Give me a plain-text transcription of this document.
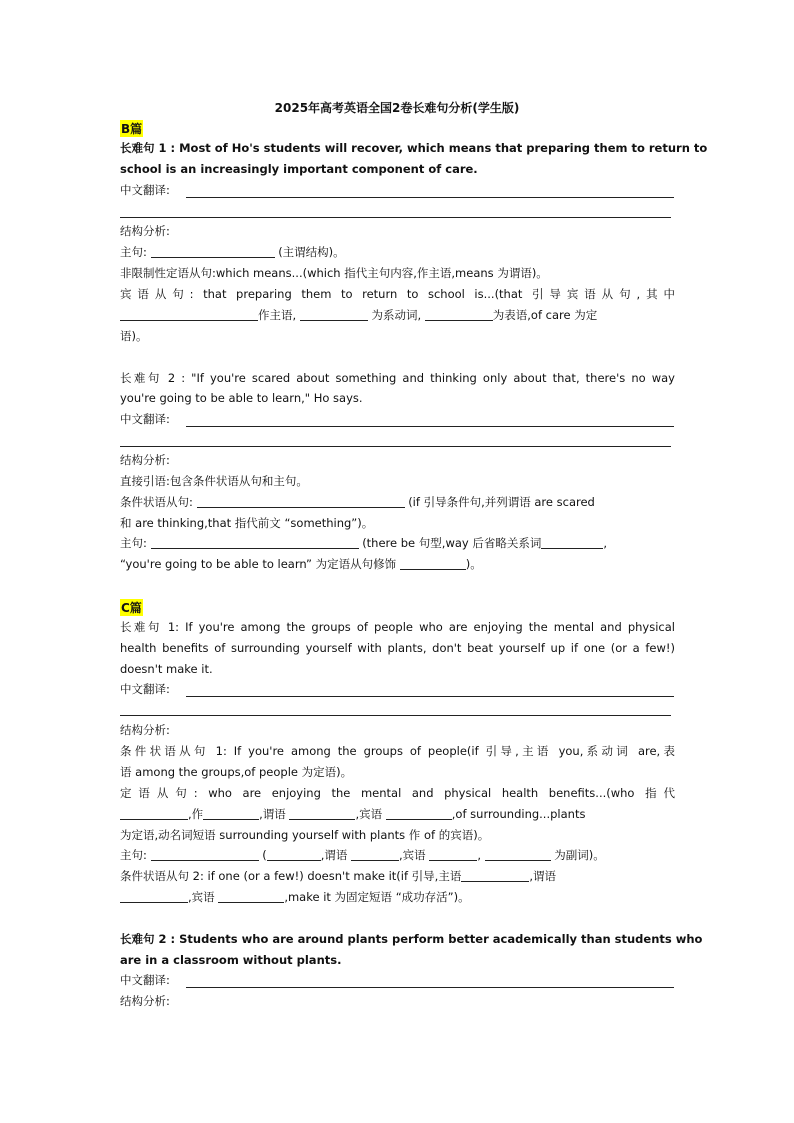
2025年高考英语全国2卷长难句分析(学生版)
B篇
长难句 1 : Most of Ho's students will recover, which means that preparing them to return to
school is an increasingly important component of care.
中文翻译:
结构分析:
主句:	(主谓结构)。
非限制性定语从句:which means...(which 指代主句内容,作主语,means 为谓语)。
宾语从句: that preparing them to return to school is...(that 引导宾语从句,其中
作主语,	为系动词,	为表语,of care 为定
语)。
长难句 2 : "If you're scared about something and thinking only about that, there's no way
you're going to be able to learn," Ho says.
中文翻译:
结构分析:
直接引语:包含条件状语从句和主句。
条件状语从句:	(if 引导条件句,并列谓语 are scared
和 are thinking,that 指代前文 “something”)。
主句:	(there be 句型,way 后省略关系词	,
“you're going to be able to learn” 为定语从句修饰	)。
C篇
长难句 1: If you're among the groups of people who are enjoying the mental and physical
health benefits of surrounding yourself with plants, don't beat yourself up if one (or a few!)
doesn't make it.
中文翻译:
结构分析:
条件状语从句 1: If you're among the groups of people(if 引导,主语 you,系动词 are,表
语 among the groups,of people 为定语)。
定语从句: who are enjoying the mental and physical health benefits...(who 指代
,作	,谓语	,宾语	,of surrounding...plants
为定语,动名词短语 surrounding yourself with plants 作 of 的宾语)。
主句:	(	,谓语	,宾语	,	为副词)。
条件状语从句 2: if one (or a few!) doesn't make it(if 引导,主语	,谓语
,宾语	,make it 为固定短语 “成功存活”)。
长难句 2 : Students who are around plants perform better academically than students who
are in a classroom without plants.
中文翻译:
结构分析:
